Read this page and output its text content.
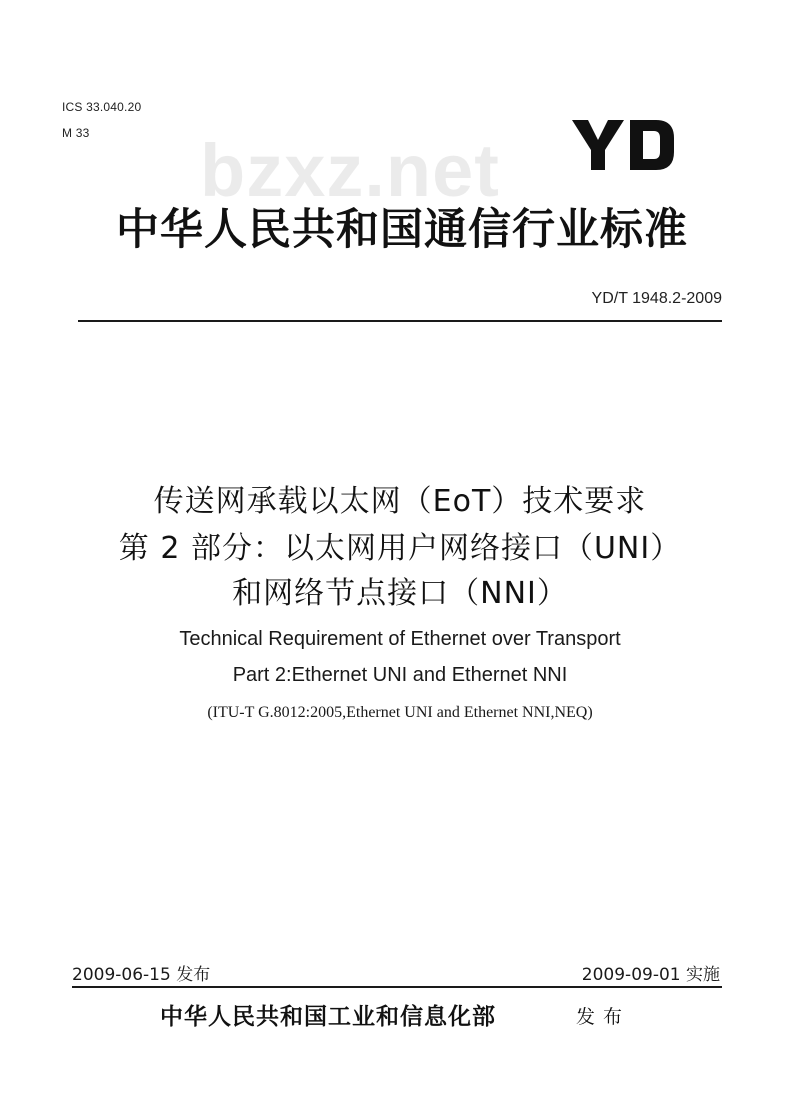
ICS 33.040.20
M 33 bzxz.net
中华人民共和国通信行业标准
YD/T 1948.2-2009
传送网承载以太网（EoT）技术要求
第 2 部分：以太网用户网络接口（UNI）
和网络节点接口（NNI）
Technical Requirement of Ethernet over Transport
Part 2:Ethernet UNI and Ethernet NNI
(ITU-T G.8012:2005,Ethernet UNI and Ethernet NNI,NEQ)
2009-06-15 发布	2009-09-01 实施
中华人民共和国工业和信息化部	发布
